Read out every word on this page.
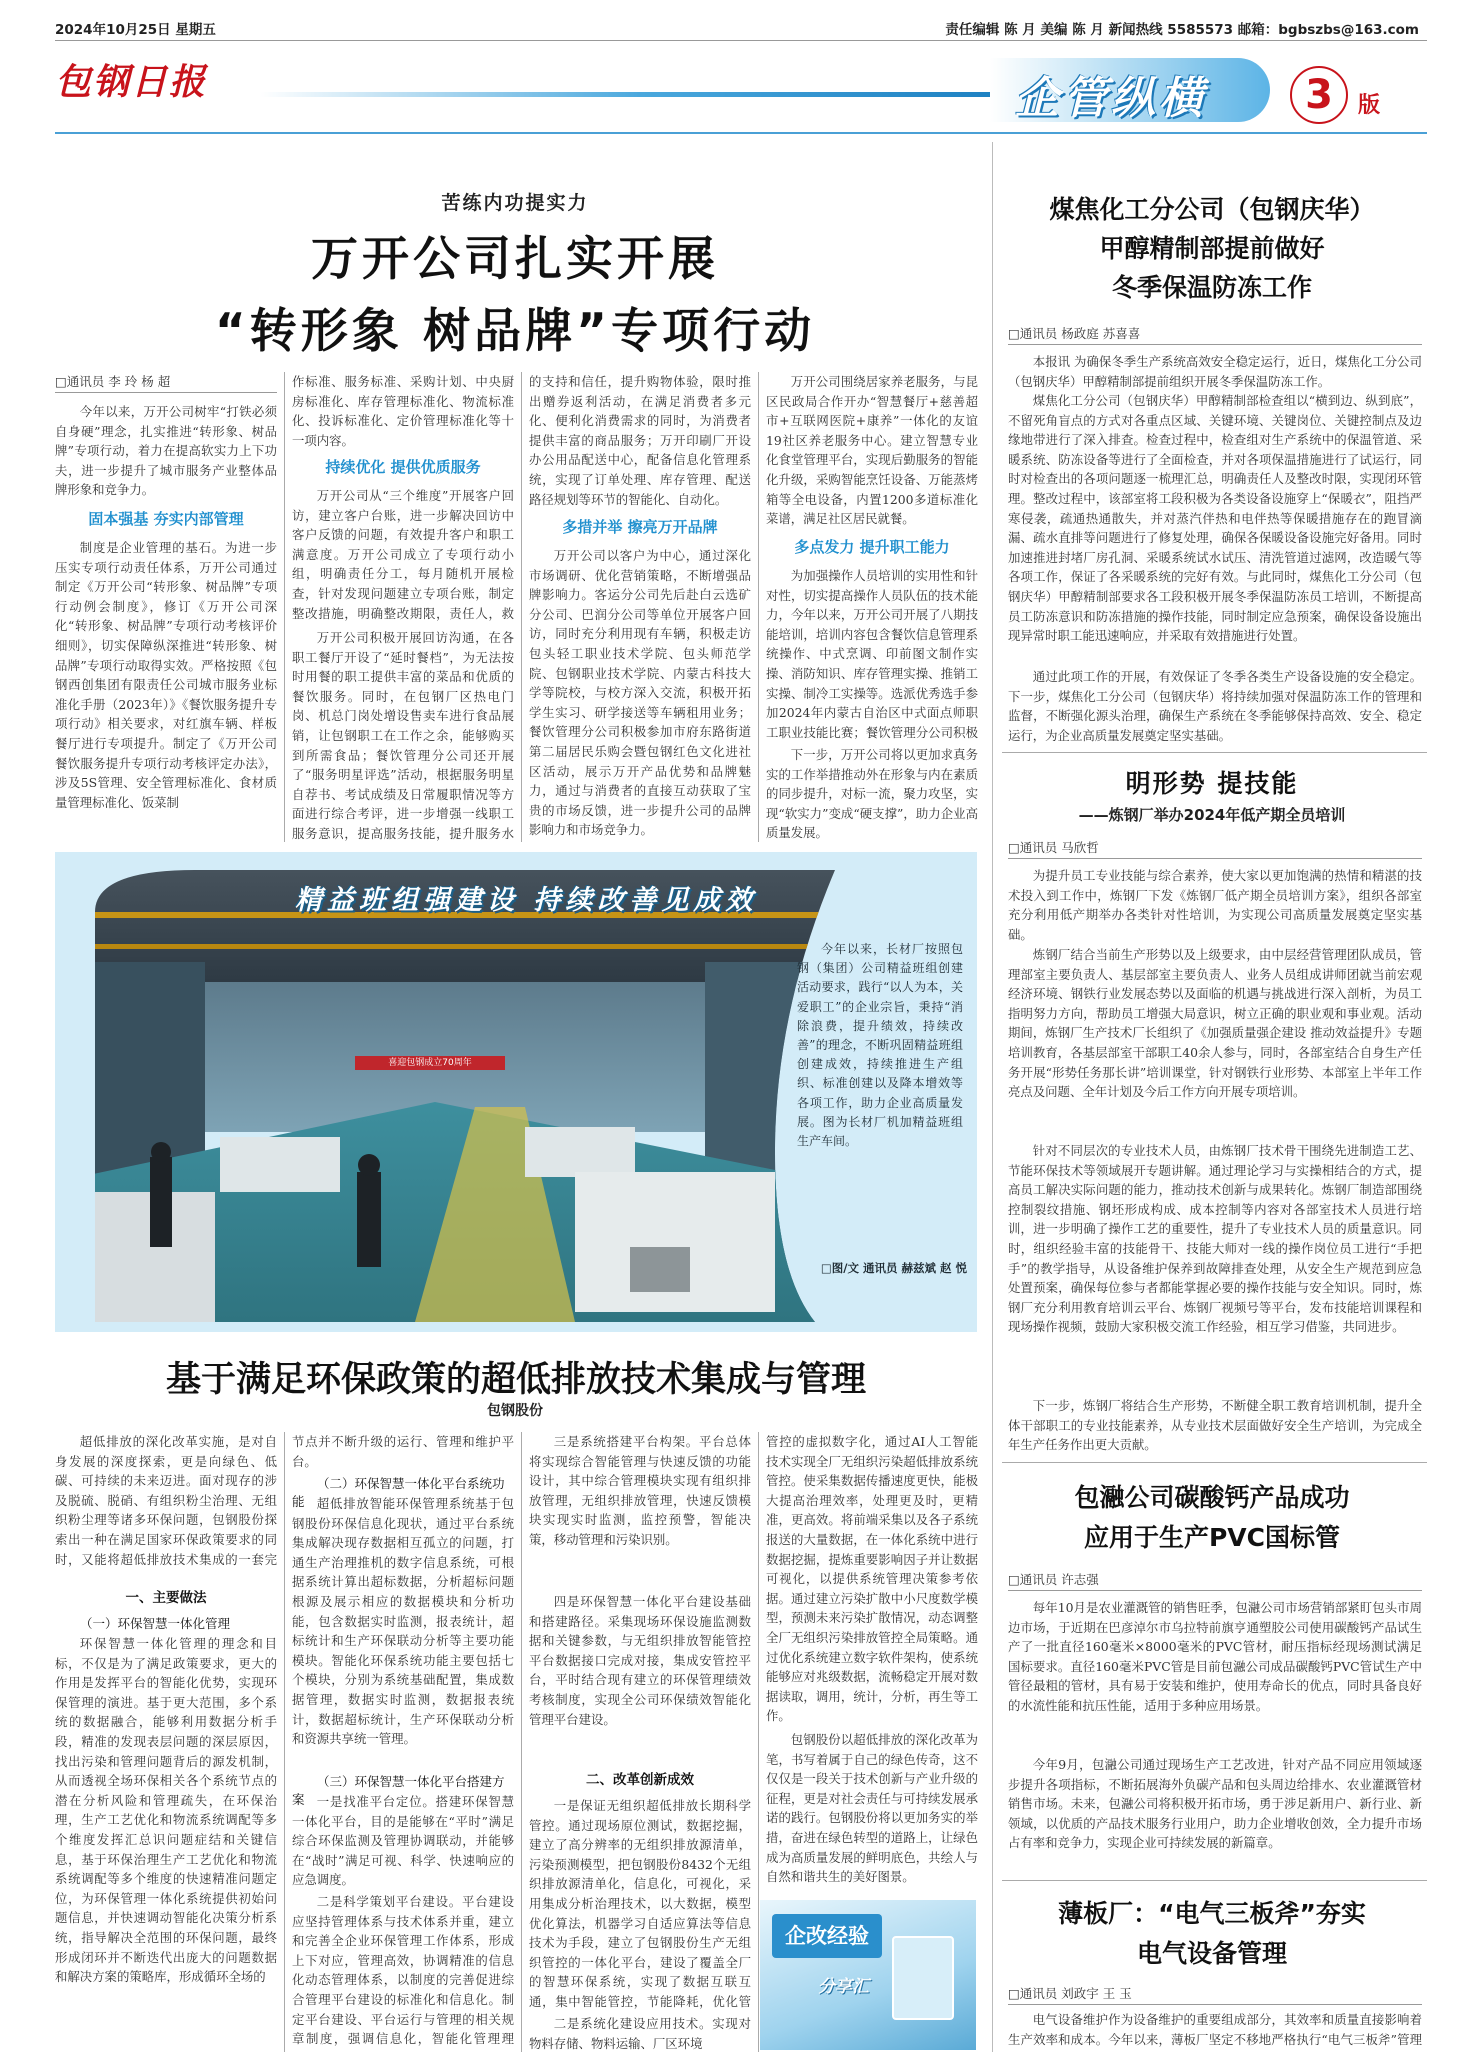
2024年10月25日 星期五	责任编辑 陈 月 美编 陈 月 新闻热线 5585573 邮箱：bgbszbs@163.com
包钢日报	企管纵横	3	版
苦练内功提实力
万开公司扎实开展
“转形象 树品牌”专项行动
□通讯员 李 玲 杨 超

今年以来，万开公司树牢“打铁必须自身硬”理念，扎实推进“转形象、树品牌”专项行动，着力在提高软实力上下功夫，进一步提升了城市服务产业整体品牌形象和竞争力。

固本强基 夯实内部管理

制度是企业管理的基石。为进一步压实专项行动责任体系，万开公司通过制定《万开公司“转形象、树品牌”专项行动例会制度》，修订《万开公司深化“转形象、树品牌”专项行动考核评价细则》，切实保障纵深推进“转形象、树品牌”专项行动取得实效。严格按照《包钢西创集团有限责任公司城市服务业标准化手册（2023年）》《餐饮服务提升专项行动》相关要求，对红旗车辆、样板餐厅进行专项提升。制定了《万开公司餐饮服务提升专项行动考核评定办法》，涉及5S管理、安全管理标准化、食材质量管理标准化、饭菜制

作标准、服务标准、采购计划、中央厨房标准化、库存管理标准化、物流标准化、投诉标准化、定价管理标准化等十一项内容。

持续优化 提供优质服务

万开公司从“三个维度”开展客户回访，建立客户台账，进一步解决回访中客户反馈的问题，有效提升客户和职工满意度。万开公司成立了专项行动小组，明确责任分工，每月随机开展检查，针对发现问题建立专项台账，制定整改措施，明确整改期限，责任人，救

万开公司积极开展回访沟通，在各职工餐厅开设了“延时餐档”，为无法按时用餐的职工提供丰富的菜品和优质的餐饮服务。同时，在包钢厂区热电门岗、机总门岗处增设售卖车进行食品展销，让包钢职工在工作之余，能够购买到所需食品；餐饮管理分公司还开展了“服务明星评选”活动，根据服务明星自荐书、考试成绩及日常履职情况等方面进行综合考评，进一步增强一线职工服务意识，提高服务技能，提升服务水

的支持和信任，提升购物体验，限时推出赠券返利活动，在满足消费者多元化、便利化消费需求的同时，为消费者提供丰富的商品服务；万开印刷厂开设办公用品配送中心，配备信息化管理系统，实现了订单处理、库存管理、配送路径规划等环节的智能化、自动化。

多措并举 擦亮万开品牌

万开公司以客户为中心，通过深化市场调研、优化营销策略，不断增强品牌影响力。客运分公司先后赴白云选矿分公司、巴润分公司等单位开展客户回访，同时充分利用现有车辆，积极走访包头轻工职业技术学院、包头师范学院、包钢职业技术学院、内蒙古科技大学等院校，与校方深入交流，积极开拓学生实习、研学接送等车辆租用业务；餐饮管理分公司积极参加市府东路街道第二届居民乐购会暨包钢红色文化进社区活动，展示万开产品优势和品牌魅力，通过与消费者的直接互动获取了宝贵的市场反馈，进一步提升公司的品牌影响力和市场竞争力。

万开公司围绕居家养老服务，与昆区民政局合作开办“智慧餐厅+慈善超市+互联网医院+康养”一体化的友谊19社区养老服务中心。建立智慧专业化食堂管理平台，实现后勤服务的智能化升级，采购智能烹饪设备、万能蒸烤箱等全电设备，内置1200多道标准化菜谱，满足社区居民就餐。

多点发力 提升职工能力

为加强操作人员培训的实用性和针对性，切实提高操作人员队伍的技术能力，今年以来，万开公司开展了八期技能培训，培训内容包含餐饮信息管理系统操作、中式烹调、印前图文制作实操、消防知识、库存管理实操、推销工实操、制冷工实操等。选派优秀选手参加2024年内蒙古自治区中式面点师职工职业技能比赛；餐饮管理分公司积极

下一步，万开公司将以更加求真务实的工作举措推动外在形象与内在素质的同步提升，对标一流，聚力攻坚，实现“软实力”变成“硬支撑”，助力企业高质量发展。

精益班组强建设 持续改善见成效
喜迎包钢成立70周年

今年以来，长材厂按照包钢（集团）公司精益班组创建活动要求，践行“以人为本，关爱职工”的企业宗旨，秉持“消除浪费，提升绩效，持续改善”的理念，不断巩固精益班组创建成效，持续推进生产组织、标准创建以及降本增效等各项工作，助力企业高质量发展。图为长材厂机加精益班组生产车间。

□图/文 通讯员 赫兹斌 赵 悦
基于满足环保政策的超低排放技术集成与管理
包钢股份

超低排放的深化改革实施，是对自身发展的深度探索，更是向绿色、低碳、可持续的未来迈进。面对现存的涉及脱硫、脱硝、有组织粉尘治理、无组织粉尘理等诸多环保问题，包钢股份探索出一种在满足国家环保政策要求的同时，又能将超低排放技术集成的一套完

一、主要做法
（一）环保智慧一体化管理

环保智慧一体化管理的理念和目标，不仅是为了满足政策要求，更大的作用是发挥平台的智能化优势，实现环保管理的演进。基于更大范围，多个系统的数据融合，能够利用数据分析手段，精准的发现表层问题的深层原因，找出污染和管理问题背后的源发机制，从而透视全场环保相关各个系统节点的潜在分析风险和管理疏失，在环保治理，生产工艺优化和物流系统调配等多个维度发挥汇总识问题症结和关键信息，基于环保治理生产工艺优化和物流系统调配等多个维度的快速精准问题定位，为环保管理一体化系统提供初始问题信息，并快速调动智能化决策分析系统，指导解决全范围的环保问题，最终形成闭环并不断迭代出庞大的问题数据和解决方案的策略库，形成循环全场的

节点并不断升级的运行、管理和维护平台。

（二）环保智慧一体化平台系统功能 超低排放智能环保管理系统基于包钢股份环保信息化现状，通过平台系统集成解决现存数据相互孤立的问题，打通生产治理推机的数字信息系统，可根据系统计算出超标数据，分析超标问题根源及展示相应的数据模块和分析功能，包含数据实时监测，报表统计，超标统计和生产环保联动分析等主要功能模块。智能化环保系统功能主要包括七个模块，分别为系统基础配置，集成数据管理，数据实时监测，数据报表统计，数据超标统计，生产环保联动分析和资源共享统一管理。

（三）环保智慧一体化平台搭建方案 一是找准平台定位。搭建环保智慧一体化平台，目的是能够在“平时”满足综合环保监测及管理协调联动，并能够在“战时”满足可视、科学、快速响应的应急调度。

二是科学策划平台建设。平台建设应坚持管理体系与技术体系并重，建立和完善全企业环保管理工作体系，形成上下对应，管理高效，协调精准的信息化动态管理体系，以制度的完善促进综合管理平台建设的标准化和信息化。制定平台建设、平台运行与管理的相关规章制度，强调信息化，智能化管理理

三是系统搭建平台构架。平台总体将实现综合智能管理与快速反馈的功能设计，其中综合管理模块实现有组织排放管理，无组织排放管理，快速反馈模块实现实时监测，监控预警，智能决策，移动管理和污染识别。

四是环保智慧一体化平台建设基础和搭建路径。采集现场环保设施监测数据和关键参数，与无组织排放智能管控平台数据接口完成对接，集成安管控平台，平时结合现有建立的环保管理绩效考核制度，实现全公司环保绩效智能化管理平台建设。

二、改革创新成效

一是保证无组织超低排放长期科学管控。通过现场原位测试，数据挖掘，建立了高分辨率的无组织排放源清单，污染预测模型，把包钢股份8432个无组织排放源清单化，信息化，可视化，采用集成分析治理技术，以大数据，模型优化算法，机器学习自适应算法等信息技术为手段，建立了包钢股份生产无组织管控的一体化平台，建设了覆盖全厂的智慧环保系统，实现了数据互联互通，集中智能管控，节能降耗，优化管

二是系统化建设应用技术。实现对物料存储、物料运输、厂区环境

管控的虚拟数字化，通过AI人工智能技术实现全厂无组织污染超低排放系统管控。使采集数据传播速度更快，能极大提高治理效率，处理更及时，更精准，更高效。将前端采集以及各子系统报送的大量数据，在一体化系统中进行数据挖掘，提炼重要影响因子并让数据可视化，以提供系统管理决策参考依据。通过建立污染扩散中小尺度数学模型，预测未来污染扩散情况，动态调整全厂无组织污染排放管控全局策略。通过优化系统建立数字软件架构，使系统能够应对兆级数据，流畅稳定开展对数据读取，调用，统计，分析，再生等工作。

包钢股份以超低排放的深化改革为笔，书写着属于自己的绿色传奇，这不仅仅是一段关于技术创新与产业升级的征程，更是对社会责任与可持续发展承诺的践行。包钢股份将以更加务实的举措，奋进在绿色转型的道路上，让绿色成为高质量发展的鲜明底色，共绘人与自然和谐共生的美好图景。

企改经验
分享汇
煤焦化工分公司（包钢庆华）
甲醇精制部提前做好
冬季保温防冻工作
□通讯员 杨政庭 苏喜喜

本报讯 为确保冬季生产系统高效安全稳定运行，近日，煤焦化工分公司（包钢庆华）甲醇精制部提前组织开展冬季保温防冻工作。

煤焦化工分公司（包钢庆华）甲醇精制部检查组以“横到边、纵到底”，不留死角盲点的方式对各重点区域、关键环境、关键岗位、关键控制点及边缘地带进行了深入排查。检查过程中，检查组对生产系统中的保温管道、采暖系统、防冻设备等进行了全面检查，并对各项保温措施进行了试运行，同时对检查出的各项问题逐一梳理汇总，明确责任人及整改时限，实现闭环管理。整改过程中，该部室将工段积极为各类设备设施穿上“保暖衣”，阻挡严寒侵袭，疏通热通散失，并对蒸汽伴热和电伴热等保暖措施存在的跑冒滴漏、疏水直排等问题进行了修复处理，确保各保暖设备设施完好备用。同时加速推进封堵厂房孔洞、采暖系统试水试压、清洗管道过滤网，改造暖气等各项工作，保证了各采暖系统的完好有效。与此同时，煤焦化工分公司（包钢庆华）甲醇精制部要求各工段积极开展冬季保温防冻员工培训，不断提高员工防冻意识和防冻措施的操作技能，同时制定应急预案，确保设备设施出现异常时职工能迅速响应，并采取有效措施进行处置。

通过此项工作的开展，有效保证了冬季各类生产设备设施的安全稳定。下一步，煤焦化工分公司（包钢庆华）将持续加强对保温防冻工作的管理和监督，不断强化源头治理，确保生产系统在冬季能够保持高效、安全、稳定运行，为企业高质量发展奠定坚实基础。

明形势 提技能
——炼钢厂举办2024年低产期全员培训
□通讯员 马欣哲

为提升员工专业技能与综合素养，使大家以更加饱满的热情和精湛的技术投入到工作中，炼钢厂下发《炼钢厂低产期全员培训方案》，组织各部室充分利用低产期举办各类针对性培训，为实现公司高质量发展奠定坚实基础。

炼钢厂结合当前生产形势以及上级要求，由中层经营管理团队成员，管理部室主要负责人、基层部室主要负责人、业务人员组成讲师团就当前宏观经济环境、钢铁行业发展态势以及面临的机遇与挑战进行深入剖析，为员工指明努力方向，帮助员工增强大局意识，树立正确的职业观和事业观。活动期间，炼钢厂生产技术厂长组织了《加强质量强企建设 推动效益提升》专题培训教育，各基层部室干部职工40余人参与，同时，各部室结合自身生产任务开展“形势任务那长讲”培训课堂，针对钢铁行业形势、本部室上半年工作亮点及问题、全年计划及今后工作方向开展专项培训。

针对不同层次的专业技术人员，由炼钢厂技术骨干围绕先进制造工艺、节能环保技术等领域展开专题讲解。通过理论学习与实操相结合的方式，提高员工解决实际问题的能力，推动技术创新与成果转化。炼钢厂制造部围绕控制裂纹措施、钢坯形成构成、成本控制等内容对各部室技术人员进行培训，进一步明确了操作工艺的重要性，提升了专业技术人员的质量意识。同时，组织经验丰富的技能骨干、技能大师对一线的操作岗位员工进行“手把手”的教学指导，从设备维护保养到故障排查处理，从安全生产规范到应急处置预案，确保每位参与者都能掌握必要的操作技能与安全知识。同时，炼钢厂充分利用教育培训云平台、炼钢厂视频号等平台，发布技能培训课程和现场操作视频，鼓励大家积极交流工作经验，相互学习借鉴，共同进步。

下一步，炼钢厂将结合生产形势，不断健全职工教育培训机制，提升全体干部职工的专业技能素养，从专业技术层面做好安全生产培训，为完成全年生产任务作出更大贡献。

包瀜公司碳酸钙产品成功
应用于生产PVC国标管
□通讯员 许志强

每年10月是农业灌溉管的销售旺季，包瀜公司市场营销部紧盯包头市周边市场，于近期在巴彦淖尔市乌拉特前旗亨通塑胶公司使用碳酸钙产品试生产了一批直径160毫米×8000毫米的PVC管材，耐压指标经现场测试满足国标要求。直径160毫米PVC管是目前包瀜公司成品碳酸钙PVC管试生产中管径最粗的管材，具有易于安装和维护，使用寿命长的优点，同时具备良好的水流性能和抗压性能，适用于多种应用场景。

今年9月，包瀜公司通过现场生产工艺改进，针对产品不同应用领域逐步提升各项指标，不断拓展海外负碳产品和包头周边给排水、农业灌溉管材销售市场。未来，包瀜公司将积极开拓市场，勇于涉足新用户、新行业、新领域，以优质的产品技术服务行业用户，助力企业增收创效，全力提升市场占有率和竞争力，实现企业可持续发展的新篇章。

薄板厂：“电气三板斧”夯实
电气设备管理
□通讯员 刘政宇 王 玉

电气设备维护作为设备维护的重要组成部分，其效率和质量直接影响着生产效率和成本。今年以来，薄板厂坚定不移地严格执行“电气三板斧”管理
